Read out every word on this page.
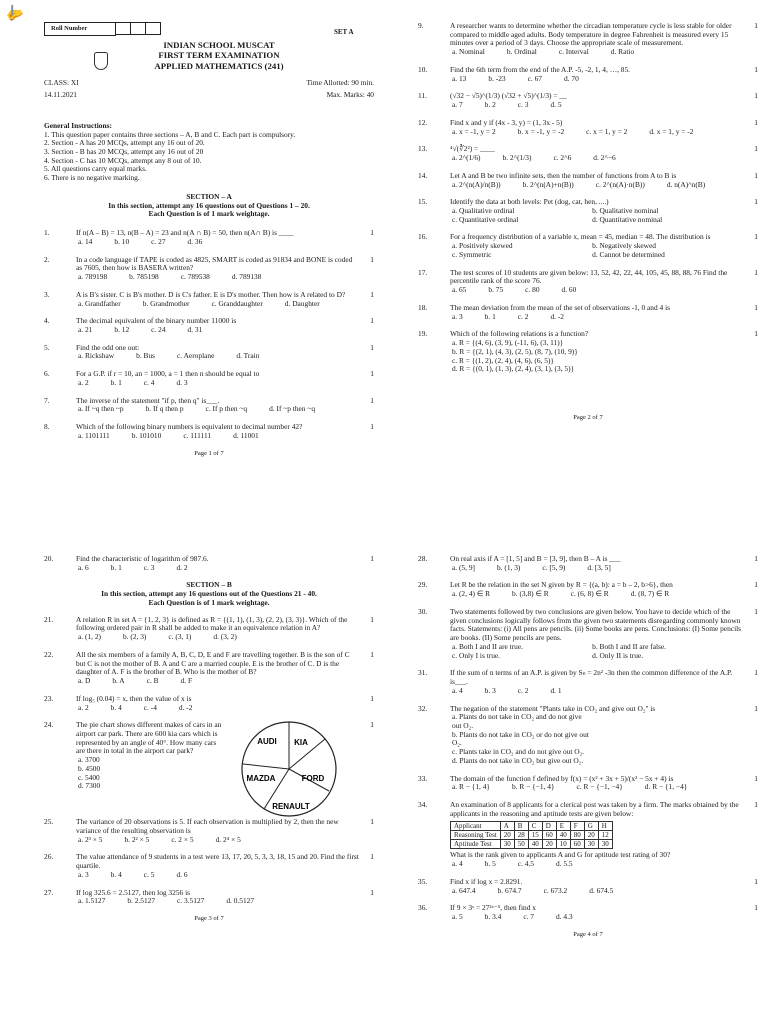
✍
Roll Number	SET A
INDIAN SCHOOL MUSCAT
FIRST TERM EXAMINATION
APPLIED MATHEMATICS (241)
CLASS: XI	Time Allotted: 90 min.
14.11.2021	Max. Marks: 40

General Instructions:

1. This question paper contains three sections – A, B and C. Each part is compulsory.

2. Section - A has 20 MCQs, attempt any 16 out of 20.

3. Section - B has 20 MCQs, attempt any 16 out of 20

4. Section - C has 10 MCQs, attempt any 8 out of 10.

5. All questions carry equal marks.

6. There is no negative marking.

SECTION – A
In this section, attempt any 16 questions out of Questions 1 – 20.
Each Question is of 1 mark weightage.
1.	1
If n(A – B) = 13, n(B – A) = 23 and n(A ∩ B) = 50, then n(A∩ B) is ____
a. 14	b. 10	c. 27	d. 36
2.	1
In a code language if TAPE is coded as 4825, SMART is coded as 91834 and BONE is coded as 7605, then how is BASERA written?
a. 789198	b. 785198	c. 789538	d. 789138
3.	1
A is B's sister. C is B's mother. D is C's father. E is D's mother. Then how is A related to D?
a. Grandfather	b. Grandmother	c. Granddaughter	d. Daughter
4.	1
The decimal equivalent of the binary number 11000 is
a. 21	b. 12	c. 24	d. 31
5.	1
Find the odd one out:
a. Rickshaw	b. Bus	c. Aeroplane	d. Train
6.	1
For a G.P. if r = 10, an = 1000, a = 1 then n should be equal to
a. 2	b. 1	c. 4	d. 3
7.	1
The inverse of the statement "if p, then q" is___.
a. If ~q then ~p	b. If q then p	c. If p then ~q	d. If ~p then ~q
8.	1
Which of the following binary numbers is equivalent to decimal number 42?
a. 1101111	b. 101010	c. 111111	d. 11001
Page 1 of 7
9.	1
A researcher wants to determine whether the circadian temperature cycle is less stable for older compared to middle aged adults. Body temperature in degree Fahrenheit is measured every 15 minutes over a period of 3 days. Choose the appropriate scale of measurement.
a. Nominal	b. Ordinal	c. Interval	d. Ratio
10.	1
Find the 6th term from the end of the A.P. -5, -2, 1, 4, …, 85.
a. 13	b. -23	c. 67	d. 70
11.	1
(√32 − √5)^(1/3) (√32 + √5)^(1/3) = __
a. 7	b. 2	c. 3	d. 5
12.	1
Find x and y if (4x - 3, y) = (1, 3x - 5)
a. x = -1, y = 2	b. x = -1, y = -2	c. x = 1, y = 2	d. x = 1, y = -2
13.	1
⁴√(∛2²) = ____
a. 2^(1/6)	b. 2^(1/3)	c. 2^6	d. 2^−6
14.	1
Let A and B be two infinite sets, then the number of functions from A to B is
a. 2^(n(A)/n(B))	b. 2^(n(A)+n(B))	c. 2^(n(A)·n(B))	d. n(A)^n(B)
15.	1
Identify the data at both levels: Pet (dog, cat, hen, ....)
a. Qualitative ordinal	b. Qualitative nominal
c. Quantitative ordinal	d. Quantitative nominal
16.	1
For a frequency distribution of a variable x, mean = 45, median = 48. The distribution is
a. Positively skewed	b. Negatively skewed
c. Symmetric	d. Cannot be determined
17.	1
The test scores of 10 students are given below: 13, 52, 42, 22, 44, 105, 45, 88, 88, 76 Find the percentile rank of the score 76.
a. 65	b. 75	c. 80	d. 60
18.	1
The mean deviation from the mean of the set of observations -1, 0 and 4 is
a. 3	b. 1	c. 2	d. -2
19.	1
Which of the following relations is a function?
a. R = {(4, 6), (3, 9), (-11, 6), (3, 11)}
b. R = {(2, 1), (4, 3), (2, 5), (8, 7), (10, 9)}
c. R = {(1, 2), (2, 4), (4, 6), (6, 5)}
d. R = {(0, 1), (1, 3), (2, 4), (3, 1), (3, 5)}
Page 2 of 7
20.	1
Find the characteristic of logarithm of 987.6.
a. 6	b. 1	c. 3	d. 2
SECTION – B
In this section, attempt any 16 questions out of the Questions 21 - 40.
Each Question is of 1 mark weightage.
21.	1
A relation R in set A = {1, 2, 3} is defined as R = {(1, 1), (1, 3), (2, 2), (3, 3)}. Which of the following ordered pair in R shall be added to make it an equivalence relation in A?
a. (1, 2)	b. (2, 3)	c. (3, 1)	d. (3, 2)
22.	1
All the six members of a family A, B, C, D, E and F are travelling together. B is the son of C but C is not the mother of B. A and C are a married couple. E is the brother of C. D is the daughter of A. F is the brother of B. Who is the mother of B?
a. D	b. A	c. B	d. F
23.	1
If log₅ (0.04) = x, then the value of x is
a. 2	b. 4	c. -4	d. -2
24.	1
The pie chart shows different makes of cars in an airport car park. There are 600 kia cars which is represented by an angle of 40°. How many cars are there in total in the airport car park?
a. 3700
b. 4500
c. 5400
d. 7300
AUDI KIA
MAZDA	FORD
RENAULT
25.	1
The variance of 20 observations is 5. If each observation is multiplied by 2, then the new variance of the resulting observation is
a. 2³ × 5	b. 2² × 5	c. 2 × 5	d. 2⁴ × 5
26.	1
The value attendance of 9 students in a test were 13, 17, 20, 5, 3, 3, 18, 15 and 20. Find the first quartile.
a. 3	b. 4	c. 5	d. 6
27.	1
If log 325.6 = 2.5127, then log 3256 is
a. 1.5127	b. 2.5127	c. 3.5127	d. 0.5127
Page 3 of 7
28.	1
On real axis if A = [1, 5] and B = [3, 9], then B – A is ___
a. (5, 9]	b. (1, 3)	c. [5, 9)	d. [3, 5]
29.	1
Let R be the relation in the set N given by R = {(a, b): a = b – 2, b>6}, then
a. (2, 4) ∈ R	b. (3,8) ∈ R	c. (6, 8) ∈ R	d. (8, 7) ∈ R
30.	1
Two statements followed by two conclusions are given below. You have to decide which of the given conclusions logically follows from the given two statements disregarding commonly known facts. Statements: (i) All pens are pencils. (ii) Some books are pens. Conclusions: (I) Some pencils are books. (II) Some pencils are pens.
a. Both I and II are true.	b. Both I and II are false.
c. Only I is true.	d. Only II is true.
31.	1
If the sum of n terms of an A.P. is given by Sₙ = 2n² -3n then the common difference of the A.P. is___.
a. 4	b. 3	c. 2	d. 1
32.	1
The negation of the statement "Plants take in CO₂ and give out O₂" is
a. Plants do not take in CO₂ and do not give out O₂.
b. Plants do not take in CO₂ or do not give out O₂.
c. Plants take in CO₂ and do not give out O₂.
d. Plants do not take in CO₂ but give out O₂.
33.	1
The domain of the function f defined by f(x) = (x² + 3x + 5)/(x² − 5x + 4) is
a. R − {1, 4}	b. R − {−1, 4}	c. R − {−1, −4}	d. R − {1, −4}
34.	1
An examination of 8 applicants for a clerical post was taken by a firm. The marks obtained by the applicants in the reasoning and aptitude tests are given below:
Applicant	A	B	C	D	E	F	G	H
Reasoning Test	20	28	15	60	40	80	20	12
Aptitude Test	30	50	40	20	10	60	30	30
What is the rank given to applicants A and G for aptitude test rating of 30?
a. 4	b. 5	c. 4.5	d. 5.5
35.	1
Find x if log x = 2.8291.
a. 647.4	b. 674.7	c. 673.2	d. 674.5
36.	1
If 9 × 3ˣ = 27²ˣ⁻⁵, then find x
a. 5	b. 3.4	c. 7	d. 4.3
Page 4 of 7
